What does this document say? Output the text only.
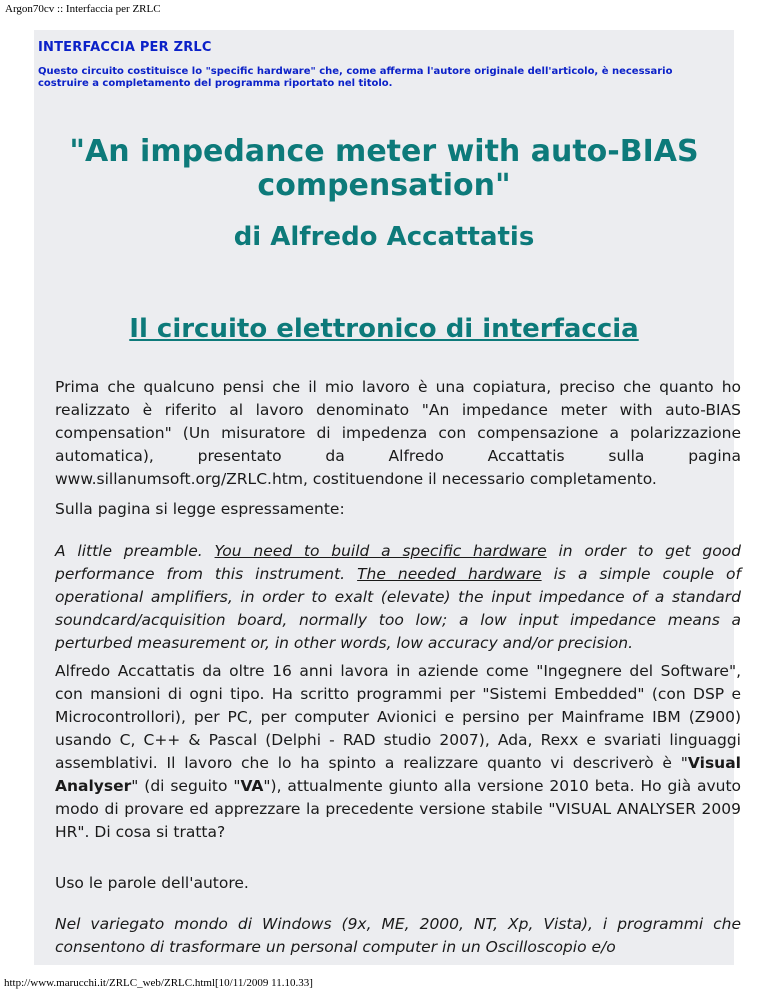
Argon70cv :: Interfaccia per ZRLC
INTERFACCIA PER ZRLC
Questo circuito costituisce lo "specific hardware" che, come afferma l'autore originale dell'articolo, è necessario costruire a completamento del programma riportato nel titolo.
"An impedance meter with auto-BIAS compensation"
di Alfredo Accattatis
Il circuito elettronico di interfaccia
Prima che qualcuno pensi che il mio lavoro è una copiatura, preciso che quanto ho realizzato è riferito al lavoro denominato "An impedance meter with auto-BIAS compensation" (Un misuratore di impedenza con compensazione a polarizzazione automatica), presentato da Alfredo Accattatis sulla pagina www.sillanumsoft.org/ZRLC.htm, costituendone il necessario completamento.
Sulla pagina si legge espressamente:
A little preamble. You need to build a specific hardware in order to get good performance from this instrument. The needed hardware is a simple couple of operational amplifiers, in order to exalt (elevate) the input impedance of a standard soundcard/acquisition board, normally too low; a low input impedance means a perturbed measurement or, in other words, low accuracy and/or precision.
Alfredo Accattatis da oltre 16 anni lavora in aziende come "Ingegnere del Software", con mansioni di ogni tipo. Ha scritto programmi per "Sistemi Embedded" (con DSP e Microcontrollori), per PC, per computer Avionici e persino per Mainframe IBM (Z900) usando C, C++ & Pascal (Delphi - RAD studio 2007), Ada, Rexx e svariati linguaggi assemblativi. Il lavoro che lo ha spinto a realizzare quanto vi descriverò è "Visual Analyser" (di seguito "VA"), attualmente giunto alla versione 2010 beta. Ho già avuto modo di provare ed apprezzare la precedente versione stabile "VISUAL ANALYSER 2009 HR". Di cosa si tratta?
Uso le parole dell'autore.
Nel variegato mondo di Windows (9x, ME, 2000, NT, Xp, Vista), i programmi che consentono di trasformare un personal computer in un Oscilloscopio e/o
http://www.marucchi.it/ZRLC_web/ZRLC.html[10/11/2009 11.10.33]
